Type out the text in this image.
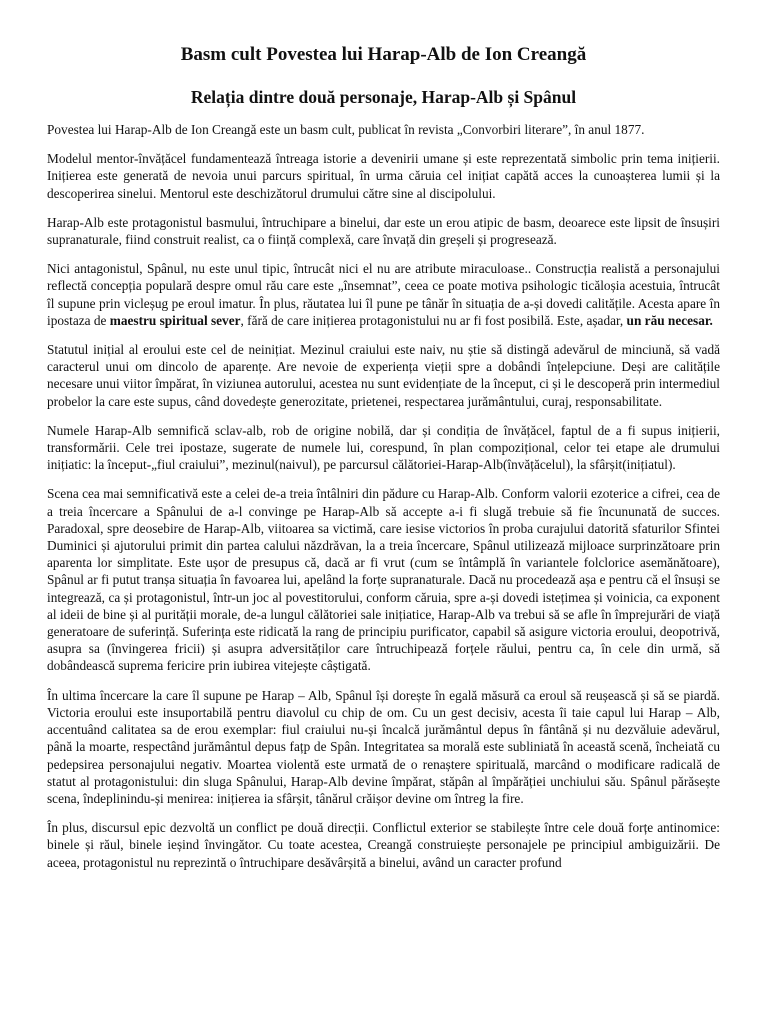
Basm cult Povestea lui Harap-Alb de Ion Creangă
Relația dintre două personaje, Harap-Alb și Spânul

Povestea lui Harap-Alb de Ion Creangă este un basm cult, publicat în revista „Convorbiri literare”, în anul 1877.

Modelul mentor-învățăcel fundamentează întreaga istorie a devenirii umane și este reprezentată simbolic prin tema inițierii. Inițierea este generată de nevoia unui parcurs spiritual, în urma căruia cel inițiat capătă acces la cunoașterea lumii și la descoperirea sinelui. Mentorul este deschizătorul drumului către sine al discipolului.

Harap-Alb este protagonistul basmului, întruchipare a binelui, dar este un erou atipic de basm, deoarece este lipsit de însușiri supranaturale, fiind construit realist, ca o ființă complexă, care învață din greșeli și progresează.

Nici antagonistul, Spânul, nu este unul tipic, întrucât nici el nu are atribute miraculoase.. Construcția realistă a personajului reflectă concepția populară despre omul rău care este „însemnat”, ceea ce poate motiva psihologic ticăloșia acestuia, întrucât îl supune prin vicleșug pe eroul imatur. În plus, răutatea lui îl pune pe tânăr în situația de a-și dovedi calitățile. Acesta apare în ipostaza de maestru spiritual sever, fără de care inițierea protagonistului nu ar fi fost posibilă. Este, așadar, un rău necesar.

Statutul inițial al eroului este cel de neinițiat. Mezinul craiului este naiv, nu știe să distingă adevărul de minciună, să vadă caracterul unui om dincolo de aparențe. Are nevoie de experiența vieții spre a dobândi înțelepciune. Deși are calitățile necesare unui viitor împărat, în viziunea autorului, acestea nu sunt evidențiate de la început, ci și le descoperă prin intermediul probelor la care este supus, când dovedește generozitate, prietenei, respectarea jurământului, curaj, responsabilitate.

Numele Harap-Alb semnifică sclav-alb, rob de origine nobilă, dar și condiția de învățăcel, faptul de a fi supus inițierii, transformării. Cele trei ipostaze, sugerate de numele lui, corespund, în plan compozițional, celor tei etape ale drumului inițiatic: la început-„fiul craiului”, mezinul(naivul), pe parcursul călătoriei-Harap-Alb(învățăcelul), la sfârșit(inițiatul).

Scena cea mai semnificativă este a celei de-a treia întâlniri din pădure cu Harap-Alb. Conform valorii ezoterice a cifrei, cea de a treia încercare a Spânului de a-l convinge pe Harap-Alb să accepte a-i fi slugă trebuie să fie încununată de succes. Paradoxal, spre deosebire de Harap-Alb, viitoarea sa victimă, care iesise victorios în proba curajului datorită sfaturilor Sfintei Duminici și ajutorului primit din partea calului năzdrăvan, la a treia încercare, Spânul utilizează mijloace surprinzătoare prin aparenta lor simplitate. Este ușor de presupus că, dacă ar fi vrut (cum se întâmplă în variantele folclorice asemănătoare), Spânul ar fi putut tranșa situația în favoarea lui, apelând la forțe supranaturale. Dacă nu procedează așa e pentru că el însuși se integrează, ca și protagonistul, într-un joc al povestitorului, conform căruia, spre a-și dovedi istețimea și voinicia, ca exponent al ideii de bine și al purității morale, de-a lungul călătoriei sale inițiatice, Harap-Alb va trebui să se afle în împrejurări de viață generatoare de suferință. Suferința este ridicată la rang de principiu purificator, capabil să asigure victoria eroului, deopotrivă, asupra sa (învingerea fricii) și asupra adversităților care întruchipează forțele răului, pentru ca, în cele din urmă, să dobândească suprema fericire prin iubirea vitejește câștigată.

În ultima încercare la care îl supune pe Harap – Alb, Spânul își dorește în egală măsură ca eroul să reușească și să se piardă. Victoria eroului este insuportabilă pentru diavolul cu chip de om. Cu un gest decisiv, acesta îi taie capul lui Harap – Alb, accentuând calitatea sa de erou exemplar: fiul craiului nu-și încalcă jurământul depus în fântână și nu dezvăluie adevărul, până la moarte, respectând jurământul depus fațp de Spân. Integritatea sa morală este subliniată în această scenă, încheiată cu pedepsirea personajului negativ. Moartea violentă este urmată de o renaștere spirituală, marcând o modificare radicală de statut al protagonistului: din sluga Spânului, Harap-Alb devine împărat, stăpân al împărăției unchiului său. Spânul părăsește scena, îndeplinindu-și menirea: inițierea ia sfârșit, tânărul crăișor devine om întreg la fire.

În plus, discursul epic dezvoltă un conflict pe două direcții. Conflictul exterior se stabilește între cele două forțe antinomice: binele și răul, binele ieșind învingător. Cu toate acestea, Creangă construiește personajele pe principiul ambiguizării. De aceea, protagonistul nu reprezintă o întruchipare desăvârșită a binelui, având un caracter profund
